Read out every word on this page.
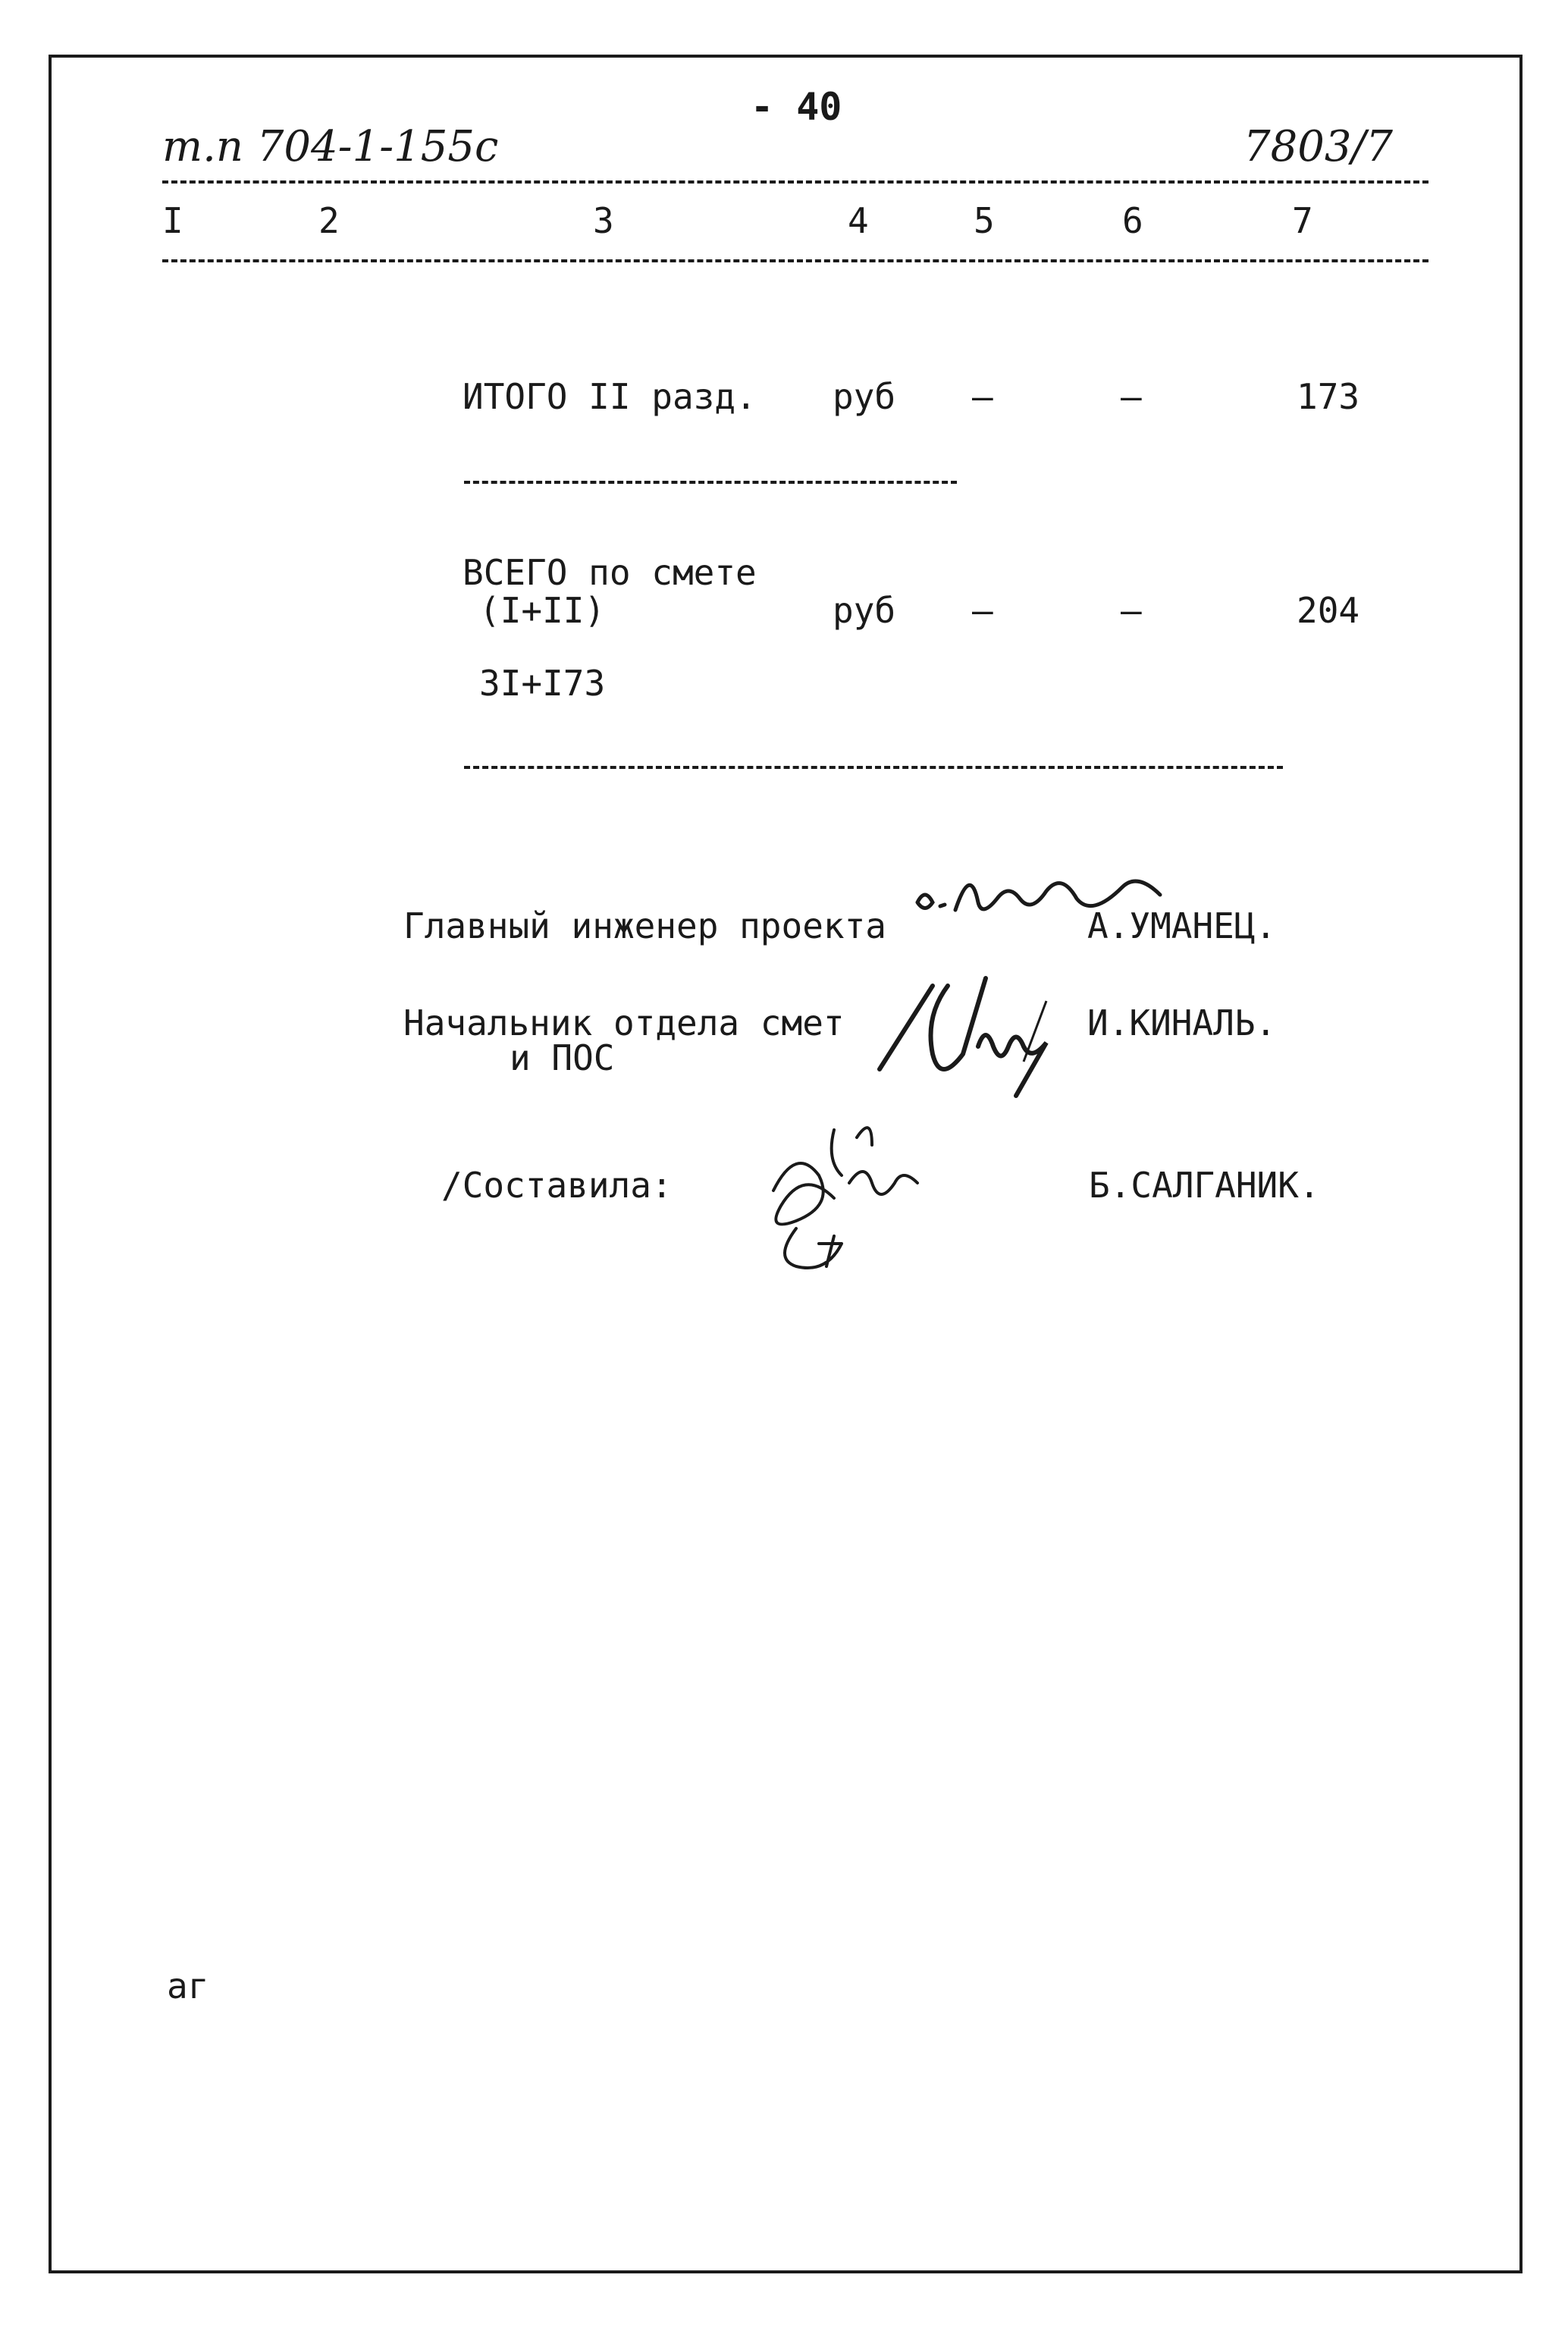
- 40
т.п 704-1-155с	7803/7
I	2	3	4	5	6	7
ИТОГО II разд. руб –	–	173
ВСЕГО по смете
(I+II)	руб –	–	204
3I+I73
Главный инженер проекта	А.УМАНЕЦ.
Начальник отдела смет
и ПОС
И.КИНАЛЬ.
/Составила:	Б.САЛГАНИК.
аг
